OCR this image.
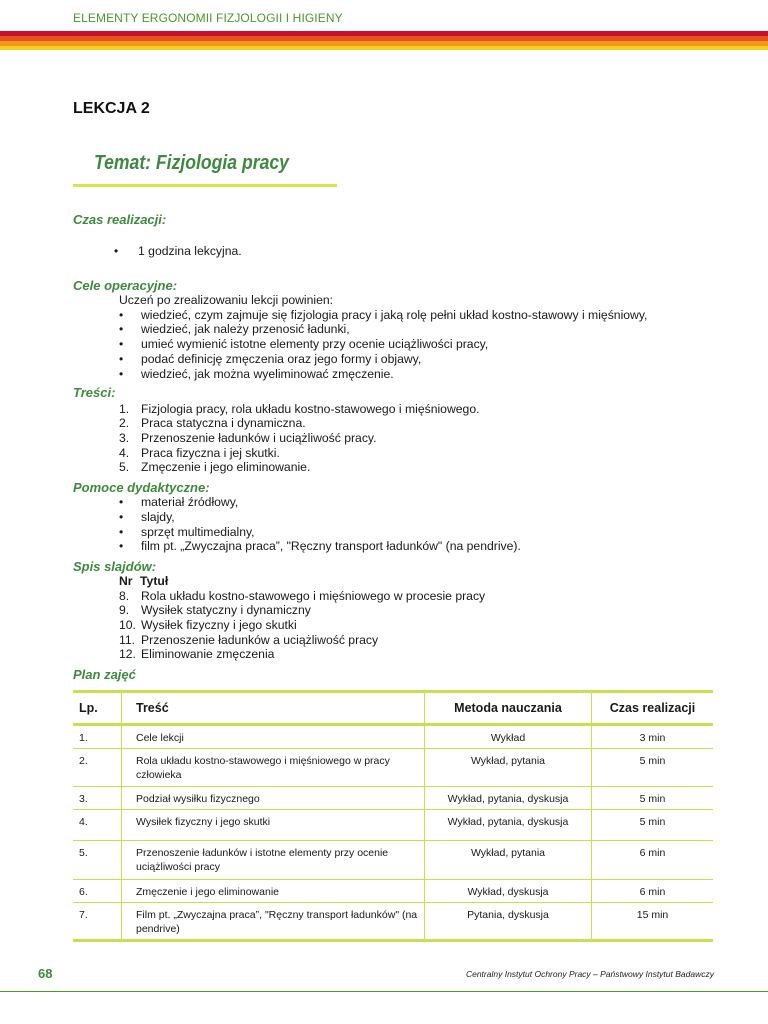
ELEMENTY ERGONOMII FIZJOLOGII I HIGIENY
LEKCJA 2
Temat: Fizjologia pracy
Czas realizacji:
• 1 godzina lekcyjna.
Cele operacyjne:
Uczeń po zrealizowaniu lekcji powinien:
• wiedzieć, czym zajmuje się fizjologia pracy i jaką rolę pełni układ kostno-stawowy i mięśniowy,
• wiedzieć, jak należy przenosić ładunki,
• umieć wymienić istotne elementy przy ocenie uciążliwości pracy,
• podać definicję zmęczenia oraz jego formy i objawy,
• wiedzieć, jak można wyeliminować zmęczenie.
Treści:
1. Fizjologia pracy, rola układu kostno-stawowego i mięśniowego.
2. Praca statyczna i dynamiczna.
3. Przenoszenie ładunków i uciążliwość pracy.
4. Praca fizyczna i jej skutki.
5. Zmęczenie i jego eliminowanie.
Pomoce dydaktyczne:
• materiał źródłowy,
• slajdy,
• sprzęt multimedialny,
• film pt. „Zwyczajna praca”, "Ręczny transport ładunków" (na pendrive).
Spis slajdów:
Nr Tytuł
8. Rola układu kostno-stawowego i mięśniowego w procesie pracy
9. Wysiłek statyczny i dynamiczny
10. Wysiłek fizyczny i jego skutki
11. Przenoszenie ładunków a uciążliwość pracy
12. Eliminowanie zmęczenia
Plan zajęć
Lp.	Treść	Metoda nauczania	Czas realizacji
1.	Cele lekcji	Wykład	3 min
2.	Rola układu kostno-stawowego i mięśniowego w pracy człowieka	Wykład, pytania	5 min
3.	Podział wysiłku fizycznego	Wykład, pytania, dyskusja	5 min
4.	Wysiłek fizyczny i jego skutki	Wykład, pytania, dyskusja	5 min
5.	Przenoszenie ładunków i istotne elementy przy ocenie uciążliwości pracy	Wykład, pytania	6 min
6.	Zmęczenie i jego eliminowanie	Wykład, dyskusja	6 min
7.	Film pt. „Zwyczajna praca”, "Ręczny transport ładunków" (na pendrive)	Pytania, dyskusja	15 min
68	Centralny Instytut Ochrony Pracy – Państwowy Instytut Badawczy
